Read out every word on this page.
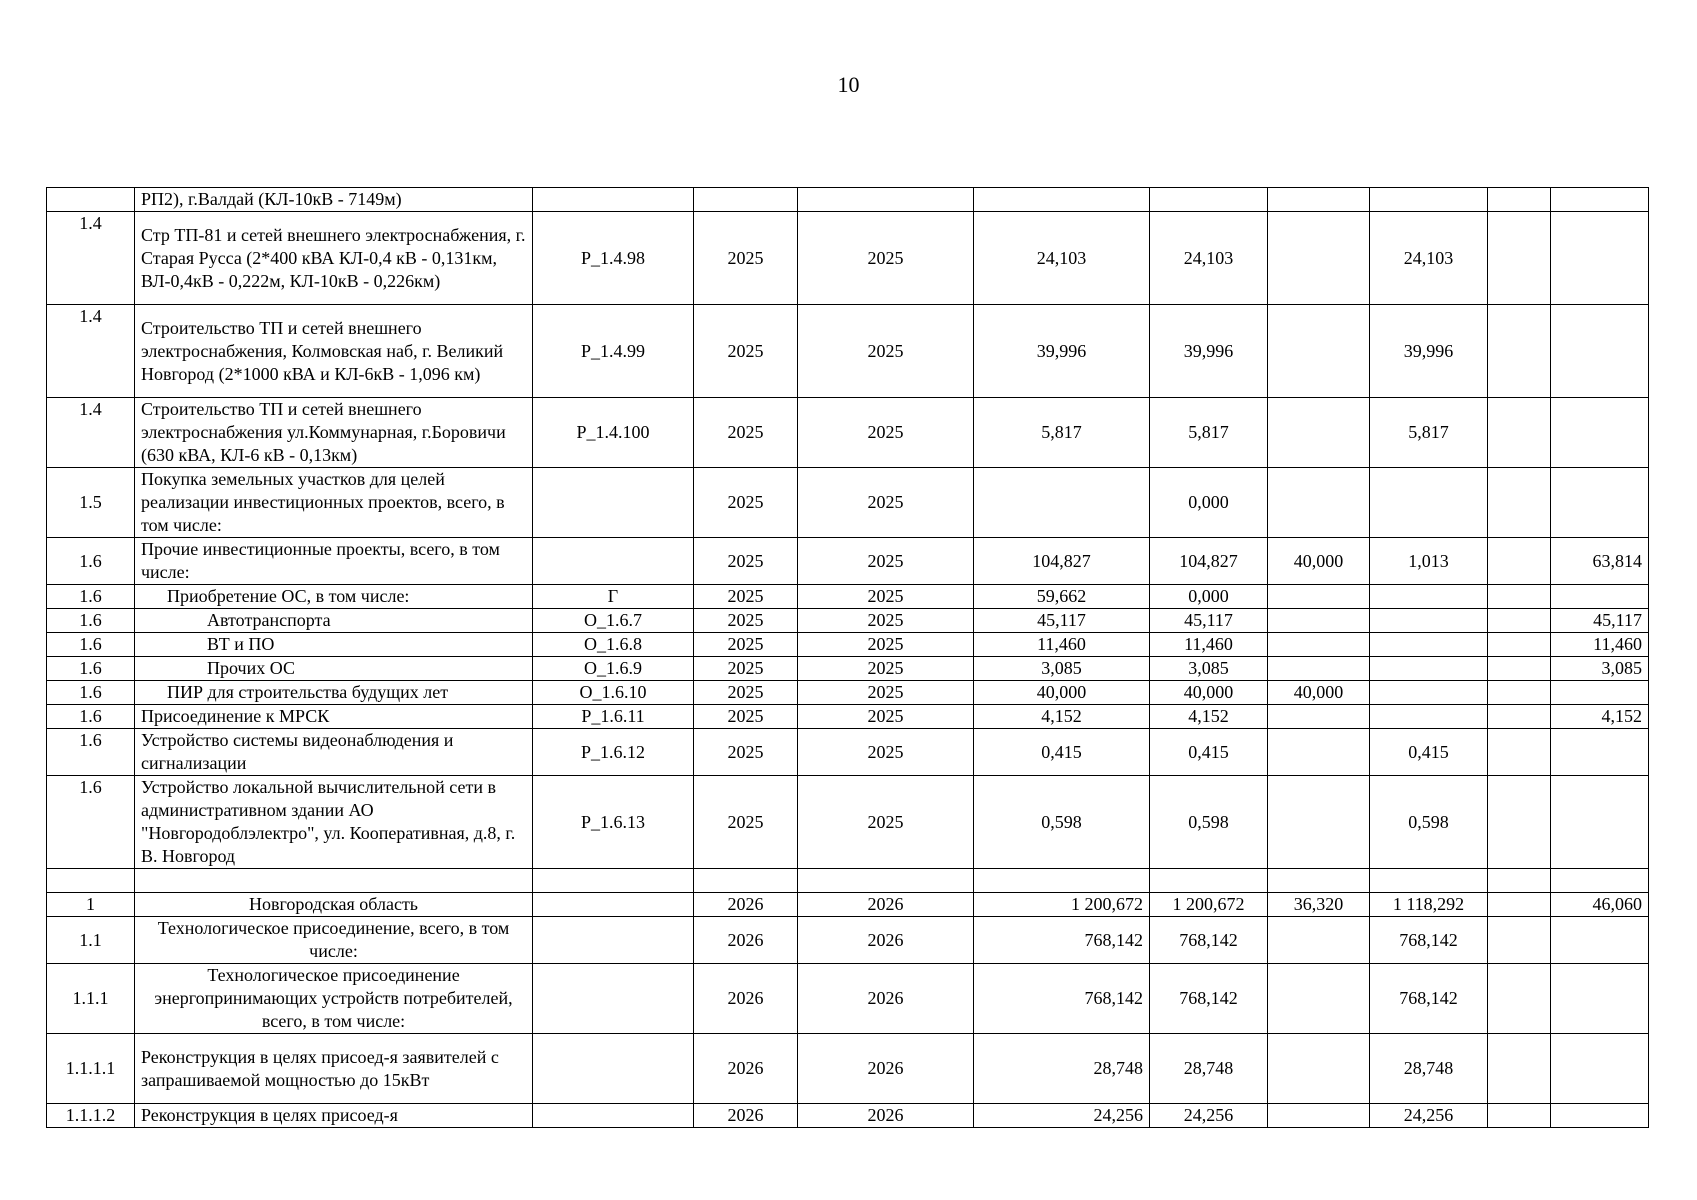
10
	РП2), г.Валдай (КЛ-10кВ - 7149м)									
1.4	Стр ТП-81 и сетей внешнего электроснабжения, г. Старая Русса (2*400 кВА КЛ-0,4 кВ - 0,131км, ВЛ-0,4кВ - 0,222м, КЛ-10кВ - 0,226км)	Р_1.4.98	2025	2025	24,103	24,103		24,103		
1.4	Строительство ТП и сетей внешнего электроснабжения, Колмовская наб, г. Великий Новгород (2*1000 кВА и КЛ-6кВ - 1,096 км)	Р_1.4.99	2025	2025	39,996	39,996		39,996		
1.4	Строительство ТП и сетей внешнего электроснабжения ул.Коммунарная, г.Боровичи (630 кВА, КЛ-6 кВ - 0,13км)	Р_1.4.100	2025	2025	5,817	5,817		5,817		
1.5	Покупка земельных участков для целей реализации инвестиционных проектов, всего, в том числе:		2025	2025		0,000				
1.6	Прочие инвестиционные проекты, всего, в том числе:		2025	2025	104,827	104,827	40,000	1,013		63,814
1.6	Приобретение ОС, в том числе:	Г	2025	2025	59,662	0,000				
1.6	Автотранспорта	О_1.6.7	2025	2025	45,117	45,117				45,117
1.6	ВТ и ПО	О_1.6.8	2025	2025	11,460	11,460				11,460
1.6	Прочих ОС	О_1.6.9	2025	2025	3,085	3,085				3,085
1.6	ПИР для строительства будущих лет	О_1.6.10	2025	2025	40,000	40,000	40,000			
1.6	Присоединение к МРСК	Р_1.6.11	2025	2025	4,152	4,152				4,152
1.6	Устройство системы видеонаблюдения и сигнализации	Р_1.6.12	2025	2025	0,415	0,415		0,415		
1.6	Устройство локальной вычислительной сети в административном здании АО "Новгородоблэлектро", ул. Кооперативная, д.8, г. В. Новгород	Р_1.6.13	2025	2025	0,598	0,598		0,598		

1	Новгородская область		2026	2026	1 200,672	1 200,672	36,320	1 118,292		46,060
1.1	Технологическое присоединение, всего, в том числе:		2026	2026	768,142	768,142		768,142		
1.1.1	Технологическое присоединение энергопринимающих устройств потребителей, всего, в том числе:		2026	2026	768,142	768,142		768,142		
1.1.1.1	Реконструкция в целях присоед-я заявителей с запрашиваемой мощностью до 15кВт		2026	2026	28,748	28,748		28,748		
1.1.1.2	Реконструкция в целях присоед-я		2026	2026	24,256	24,256		24,256		
